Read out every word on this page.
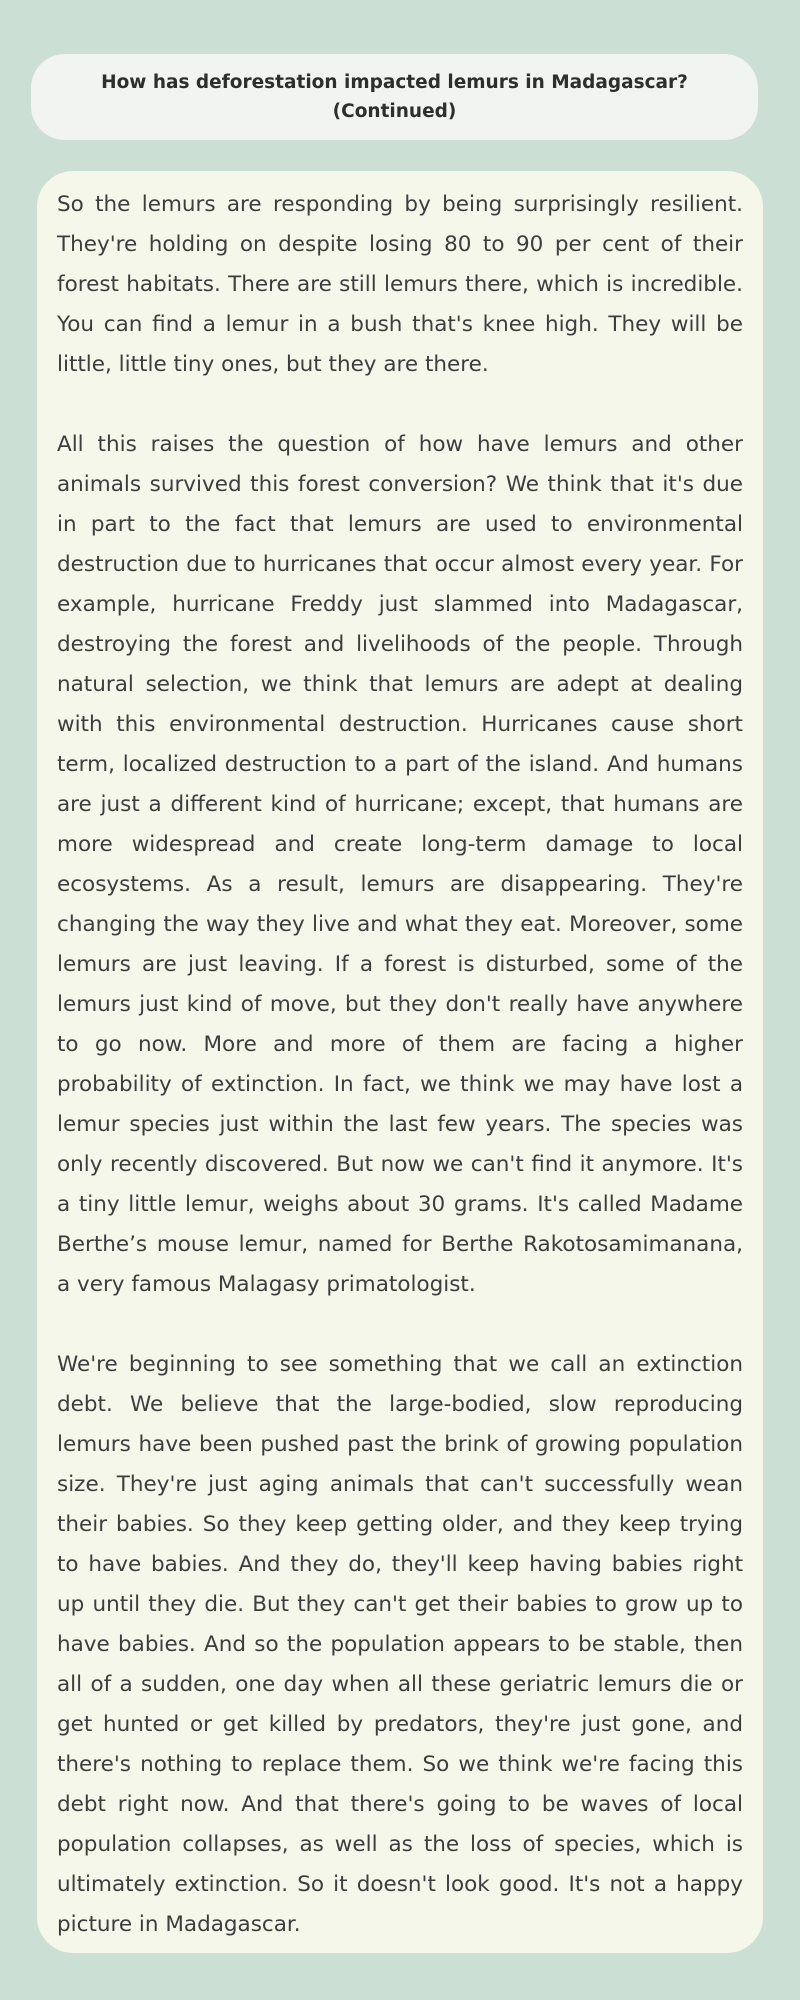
How has deforestation impacted lemurs in Madagascar? (Continued)

So the lemurs are responding by being surprisingly resilient. They're holding on despite losing 80 to 90 per cent of their forest habitats. There are still lemurs there, which is incredible. You can find a lemur in a bush that's knee high. They will be little, little tiny ones, but they are there.

All this raises the question of how have lemurs and other animals survived this forest conversion? We think that it's due in part to the fact that lemurs are used to environmental destruction due to hurricanes that occur almost every year. For example, hurricane Freddy just slammed into Madagascar, destroying the forest and livelihoods of the people. Through natural selection, we think that lemurs are adept at dealing with this environmental destruction. Hurricanes cause short term, localized destruction to a part of the island. And humans are just a different kind of hurricane; except, that humans are more widespread and create long-term damage to local ecosystems. As a result, lemurs are disappearing. They're changing the way they live and what they eat. Moreover, some lemurs are just leaving. If a forest is disturbed, some of the lemurs just kind of move, but they don't really have anywhere to go now. More and more of them are facing a higher probability of extinction. In fact, we think we may have lost a lemur species just within the last few years. The species was only recently discovered. But now we can't find it anymore. It's a tiny little lemur, weighs about 30 grams. It's called Madame Berthe’s mouse lemur, named for Berthe Rakotosamimanana, a very famous Malagasy primatologist.

We're beginning to see something that we call an extinction debt. We believe that the large-bodied, slow reproducing lemurs have been pushed past the brink of growing population size. They're just aging animals that can't successfully wean their babies. So they keep getting older, and they keep trying to have babies. And they do, they'll keep having babies right up until they die. But they can't get their babies to grow up to have babies. And so the population appears to be stable, then all of a sudden, one day when all these geriatric lemurs die or get hunted or get killed by predators, they're just gone, and there's nothing to replace them. So we think we're facing this debt right now. And that there's going to be waves of local population collapses, as well as the loss of species, which is ultimately extinction. So it doesn't look good. It's not a happy picture in Madagascar.
